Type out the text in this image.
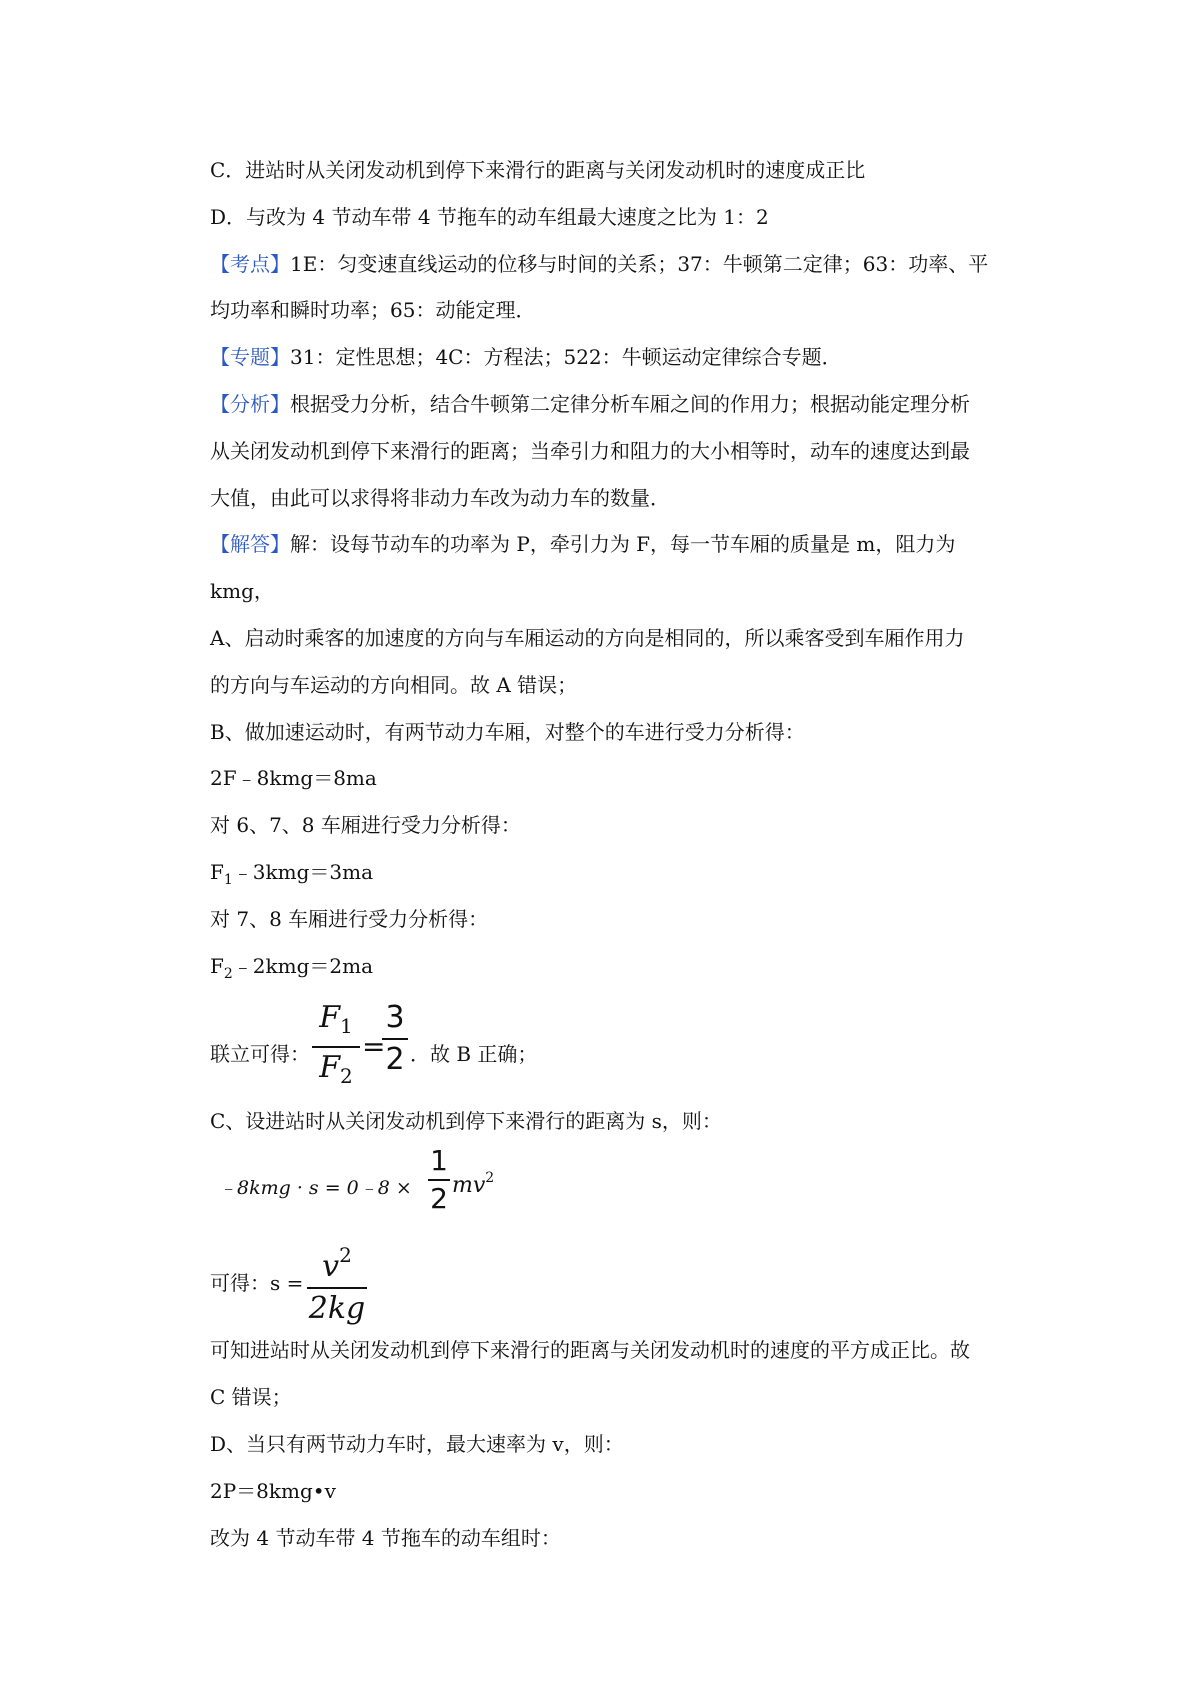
C．进站时从关闭发动机到停下来滑行的距离与关闭发动机时的速度成正比
D．与改为 4 节动车带 4 节拖车的动车组最大速度之比为 1：2
【考点】1E：匀变速直线运动的位移与时间的关系；37：牛顿第二定律；63：功率、平
均功率和瞬时功率；65：动能定理．
【专题】31：定性思想；4C：方程法；522：牛顿运动定律综合专题．
【分析】根据受力分析，结合牛顿第二定律分析车厢之间的作用力；根据动能定理分析
从关闭发动机到停下来滑行的距离；当牵引力和阻力的大小相等时，动车的速度达到最
大值，由此可以求得将非动力车改为动力车的数量．
【解答】解：设每节动车的功率为 P，牵引力为 F，每一节车厢的质量是 m，阻力为
kmg，
A、启动时乘客的加速度的方向与车厢运动的方向是相同的，所以乘客受到车厢作用力
的方向与车运动的方向相同。故 A 错误；
B、做加速运动时，有两节动力车厢，对整个的车进行受力分析得：
2F﹣8kmg＝8ma
对 6、7、8 车厢进行受力分析得：
$F_1﹣3kmg=3ma$
对 7、8 车厢进行受力分析得：
$F_2﹣2kmg=2ma$
联立可得：
$F_1$
$F_2$
=
3
2 ．故 B 正确；
C、设进站时从关闭发动机到停下来滑行的距离为 s，则：
﹣8kmg · s = 0﹣8 ×
1
2 $mv^2$
可得：$s = v^2$
2kg
可知进站时从关闭发动机到停下来滑行的距离与关闭发动机时的速度的平方成正比。故
C 错误；
D、当只有两节动力车时，最大速率为 v，则：
2P＝8kmg•v
改为 4 节动车带 4 节拖车的动车组时：
